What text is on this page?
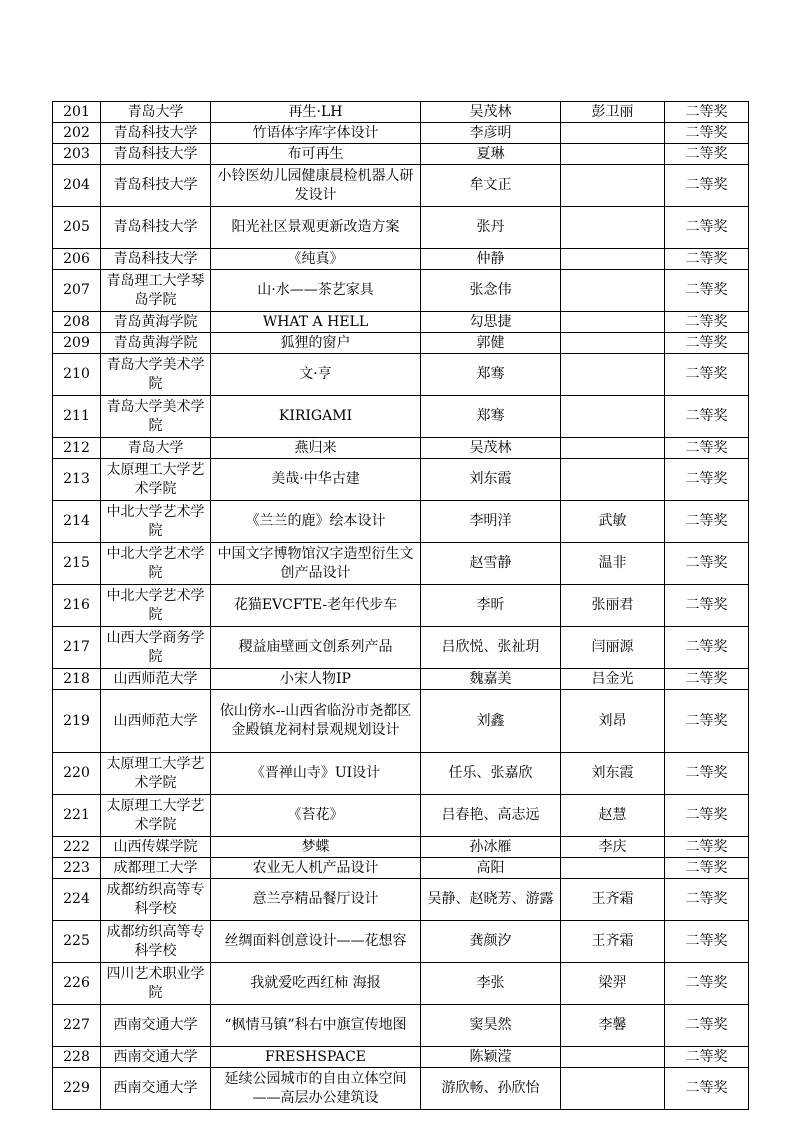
201	青岛大学	再生·LH	吴茂林	彭卫丽	二等奖
202	青岛科技大学	竹语体字库字体设计	李彦明		二等奖
203	青岛科技大学	布可再生	夏琳		二等奖
204	青岛科技大学	小铃医幼儿园健康晨检机器人研发设计	牟文正		二等奖
205	青岛科技大学	阳光社区景观更新改造方案	张丹		二等奖
206	青岛科技大学	《纯真》	仲静		二等奖
207	青岛理工大学琴岛学院	山·水——茶艺家具	张念伟		二等奖
208	青岛黄海学院	WHAT A HELL	勾思捷		二等奖
209	青岛黄海学院	狐狸的窗户	郭健		二等奖
210	青岛大学美术学院	文·亨	郑骞		二等奖
211	青岛大学美术学院	KIRIGAMI	郑骞		二等奖
212	青岛大学	燕归来	吴茂林		二等奖
213	太原理工大学艺术学院	美哉·中华古建	刘东霞		二等奖
214	中北大学艺术学院	《兰兰的鹿》绘本设计	李明洋	武敏	二等奖
215	中北大学艺术学院	中国文字博物馆汉字造型衍生文创产品设计	赵雪静	温非	二等奖
216	中北大学艺术学院	花猫EVCFTE-老年代步车	李昕	张丽君	二等奖
217	山西大学商务学院	稷益庙壁画文创系列产品	吕欣悦、张祉玥	闫丽源	二等奖
218	山西师范大学	小宋人物IP	魏嘉美	吕金光	二等奖
219	山西师范大学	依山傍水--山西省临汾市尧都区金殿镇龙祠村景观规划设计	刘鑫	刘昂	二等奖
220	太原理工大学艺术学院	《晋禅山寺》UI设计	任乐、张嘉欣	刘东霞	二等奖
221	太原理工大学艺术学院	《苔花》	吕春艳、高志远	赵慧	二等奖
222	山西传媒学院	梦蝶	孙冰雁	李庆	二等奖
223	成都理工大学	农业无人机产品设计	高阳		二等奖
224	成都纺织高等专科学校	意兰亭精品餐厅设计	吴静、赵晓芳、游露	王齐霜	二等奖
225	成都纺织高等专科学校	丝绸面料创意设计——花想容	龚颜汐	王齐霜	二等奖
226	四川艺术职业学院	我就爱吃西红柿 海报	李张	梁羿	二等奖
227	西南交通大学	“枫情马镇”科右中旗宣传地图	窦昊然	李馨	二等奖
228	西南交通大学	FRESHSPACE	陈颖滢		二等奖
229	西南交通大学	延续公园城市的自由立体空间——高层办公建筑设	游欣畅、孙欣怡		二等奖
